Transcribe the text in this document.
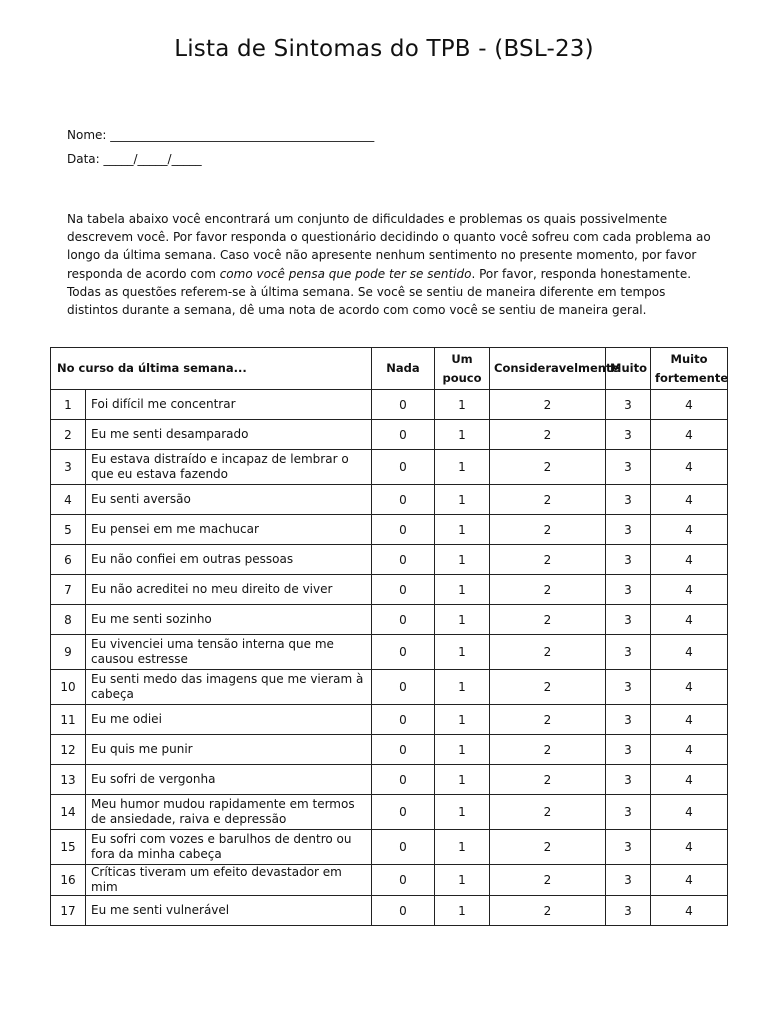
Lista de Sintomas do TPB - (BSL-23)
Nome: ____________________________________________
Data: _____/_____/_____
Na tabela abaixo você encontrará um conjunto de dificuldades e problemas os quais possivelmente descrevem você. Por favor responda o questionário decidindo o quanto você sofreu com cada problema ao longo da última semana. Caso você não apresente nenhum sentimento no presente momento, por favor responda de acordo com como você pensa que pode ter se sentido. Por favor, responda honestamente. Todas as questões referem-se à última semana. Se você se sentiu de maneira diferente em tempos distintos durante a semana, dê uma nota de acordo com como você se sentiu de maneira geral.
No curso da última semana...		Nada	Um pouco	Consideravelmente	Muito	Muito fortemente
1	Foi difícil me concentrar	0	1	2	3	4
2	Eu me senti desamparado	0	1	2	3	4
3	Eu estava distraído e incapaz de lembrar o que eu estava fazendo	0	1	2	3	4
4	Eu senti aversão	0	1	2	3	4
5	Eu pensei em me machucar	0	1	2	3	4
6	Eu não confiei em outras pessoas	0	1	2	3	4
7	Eu não acreditei no meu direito de viver	0	1	2	3	4
8	Eu me senti sozinho	0	1	2	3	4
9	Eu vivenciei uma tensão interna que me causou estresse	0	1	2	3	4
10	Eu senti medo das imagens que me vieram à cabeça	0	1	2	3	4
11	Eu me odiei	0	1	2	3	4
12	Eu quis me punir	0	1	2	3	4
13	Eu sofri de vergonha	0	1	2	3	4
14	Meu humor mudou rapidamente em termos de ansiedade, raiva e depressão	0	1	2	3	4
15	Eu sofri com vozes e barulhos de dentro ou fora da minha cabeça	0	1	2	3	4
16	Críticas tiveram um efeito devastador em mim	0	1	2	3	4
17	Eu me senti vulnerável	0	1	2	3	4
